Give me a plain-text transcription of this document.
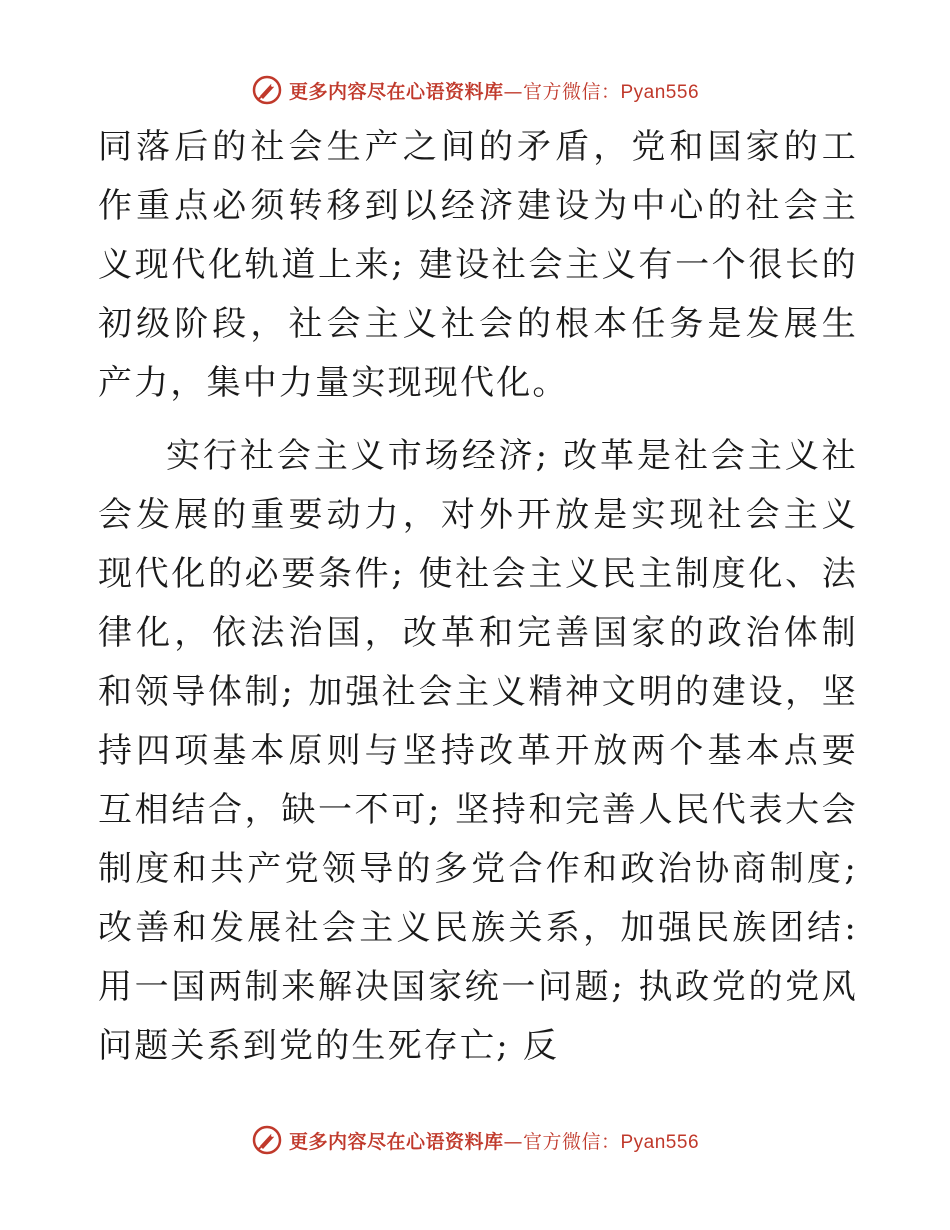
更多内容尽在心语资料库—官方微信：Pyan556

同落后的社会生产之间的矛盾，党和国家的工作重点必须转移到以经济建设为中心的社会主义现代化轨道上来; 建设社会主义有一个很长的初级阶段，社会主义社会的根本任务是发展生产力，集中力量实现现代化。

实行社会主义市场经济; 改革是社会主义社会发展的重要动力，对外开放是实现社会主义现代化的必要条件; 使社会主义民主制度化、法律化，依法治国，改革和完善国家的政治体制和领导体制; 加强社会主义精神文明的建设，坚持四项基本原则与坚持改革开放两个基本点要互相结合，缺一不可; 坚持和完善人民代表大会制度和共产党领导的多党合作和政治协商制度; 改善和发展社会主义民族关系，加强民族团结: 用一国两制来解决国家统一问题; 执政党的党风问题关系到党的生死存亡; 反

更多内容尽在心语资料库—官方微信：Pyan556
